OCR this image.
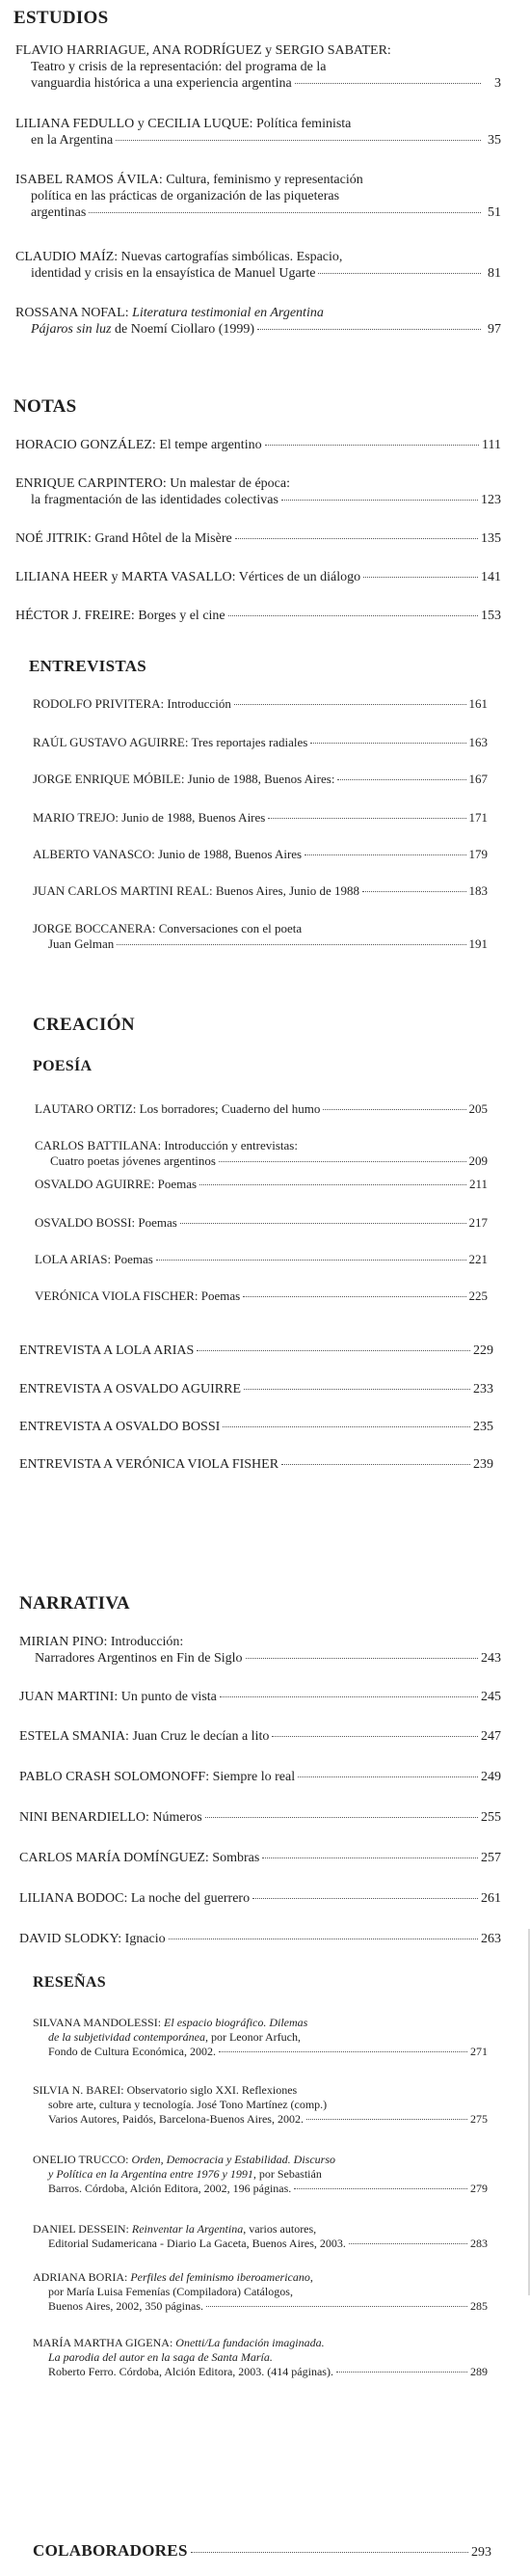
ESTUDIOS
FLAVIO HARRIAGUE, ANA RODRÍGUEZ y SERGIO SABATER:
Teatro y crisis de la representación: del programa de la
vanguardia histórica a una experiencia argentina	3
LILIANA FEDULLO y CECILIA LUQUE: Política feminista
en la Argentina	35
ISABEL RAMOS ÁVILA: Cultura, feminismo y representación
política en las prácticas de organización de las piqueteras
argentinas	51
CLAUDIO MAÍZ: Nuevas cartografías simbólicas. Espacio,
identidad y crisis en la ensayística de Manuel Ugarte	81
ROSSANA NOFAL: Literatura testimonial en Argentina
Pájaros sin luz de Noemí Ciollaro (1999)	97
NOTAS
HORACIO GONZÁLEZ: El tempe argentino	111
ENRIQUE CARPINTERO: Un malestar de época:
la fragmentación de las identidades colectivas	123
NOÉ JITRIK: Grand Hôtel de la Misère	135
LILIANA HEER y MARTA VASALLO: Vértices de un diálogo	141
HÉCTOR J. FREIRE: Borges y el cine	153
ENTREVISTAS
RODOLFO PRIVITERA: Introducción	161
RAÚL GUSTAVO AGUIRRE: Tres reportajes radiales	163
JORGE ENRIQUE MÓBILE: Junio de 1988, Buenos Aires:	167
MARIO TREJO: Junio de 1988, Buenos Aires	171
ALBERTO VANASCO: Junio de 1988, Buenos Aires	179
JUAN CARLOS MARTINI REAL: Buenos Aires, Junio de 1988	183
JORGE BOCCANERA: Conversaciones con el poeta
Juan Gelman	191
CREACIÓN
POESÍA
LAUTARO ORTIZ: Los borradores; Cuaderno del humo	205
CARLOS BATTILANA: Introducción y entrevistas:
Cuatro poetas jóvenes argentinos	209
OSVALDO AGUIRRE: Poemas	211
OSVALDO BOSSI: Poemas	217
LOLA ARIAS: Poemas	221
VERÓNICA VIOLA FISCHER: Poemas	225
ENTREVISTA A LOLA ARIAS	229
ENTREVISTA A OSVALDO AGUIRRE	233
ENTREVISTA A OSVALDO BOSSI	235
ENTREVISTA A VERÓNICA VIOLA FISHER	239
NARRATIVA
MIRIAN PINO: Introducción:
Narradores Argentinos en Fin de Siglo	243
JUAN MARTINI: Un punto de vista	245
ESTELA SMANIA: Juan Cruz le decían a lito	247
PABLO CRASH SOLOMONOFF: Siempre lo real	249
NINI BENARDIELLO: Números	255
CARLOS MARÍA DOMÍNGUEZ: Sombras	257
LILIANA BODOC: La noche del guerrero	261
DAVID SLODKY: Ignacio	263
RESEÑAS
SILVANA MANDOLESSI: El espacio biográfico. Dilemas
de la subjetividad contemporánea, por Leonor Arfuch,
Fondo de Cultura Económica, 2002.	271
SILVIA N. BAREI: Observatorio siglo XXI. Reflexiones
sobre arte, cultura y tecnología. José Tono Martínez (comp.)
Varios Autores, Paidós, Barcelona-Buenos Aires, 2002.	275
ONELIO TRUCCO: Orden, Democracia y Estabilidad. Discurso
y Política en la Argentina entre 1976 y 1991, por Sebastián
Barros. Córdoba, Alción Editora, 2002, 196 páginas.	279
DANIEL DESSEIN: Reinventar la Argentina, varios autores,
Editorial Sudamericana - Diario La Gaceta, Buenos Aires, 2003.	283
ADRIANA BORIA: Perfiles del feminismo iberoamericano,
por María Luisa Femenías (Compiladora) Catálogos,
Buenos Aires, 2002, 350 páginas.	285
MARÍA MARTHA GIGENA: Onetti/La fundación imaginada.
La parodia del autor en la saga de Santa María.
Roberto Ferro. Córdoba, Alción Editora, 2003. (414 páginas).	289
COLABORADORES	293
